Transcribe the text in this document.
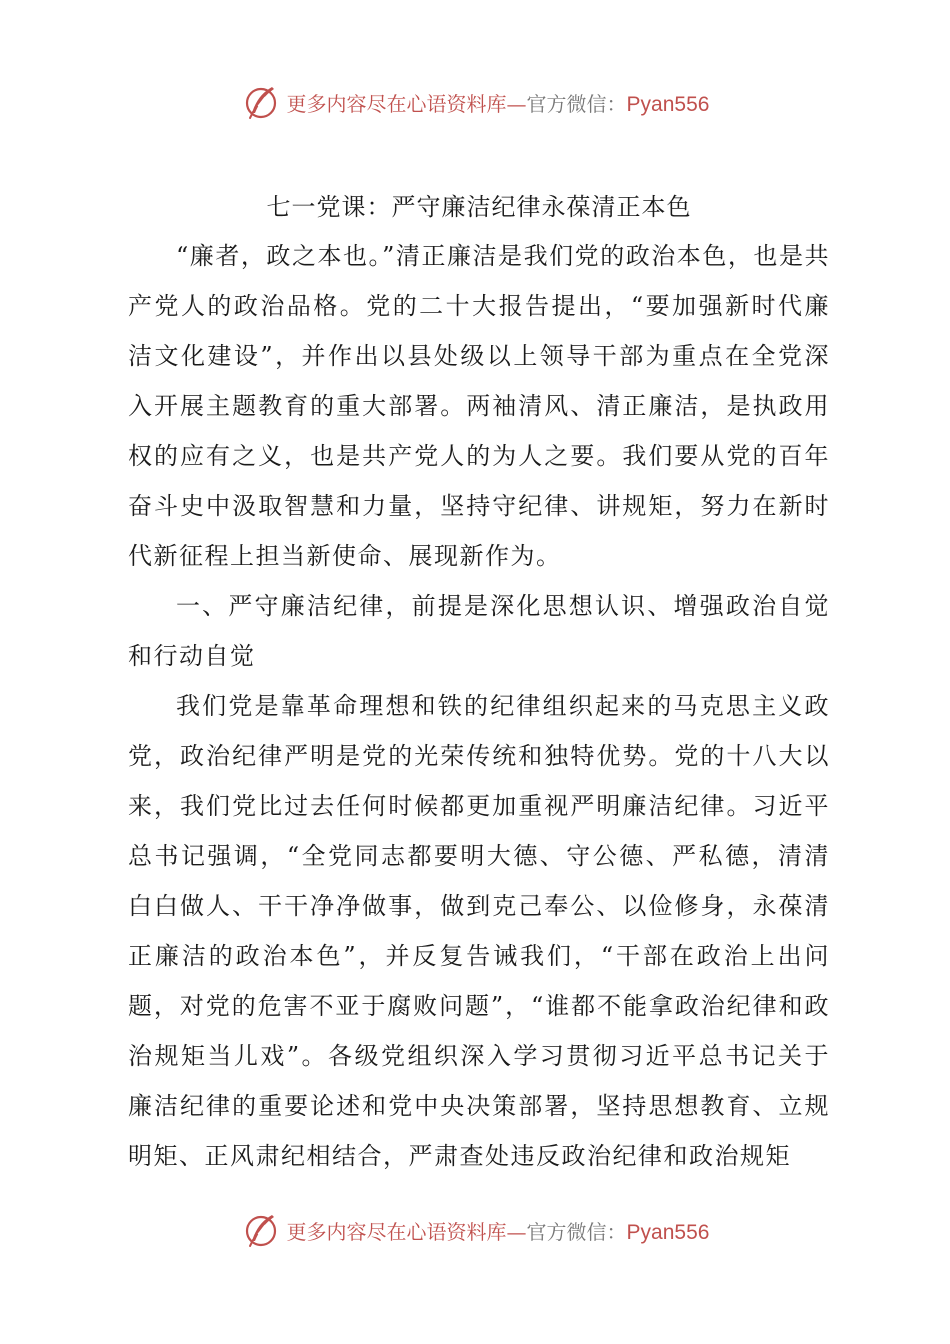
更多内容尽在心语资料库—官方微信：Pyan556
七一党课：严守廉洁纪律永葆清正本色

“廉者，政之本也。”清正廉洁是我们党的政治本色，也是共产党人的政治品格。党的二十大报告提出，“要加强新时代廉洁文化建设”，并作出以县处级以上领导干部为重点在全党深入开展主题教育的重大部署。两袖清风、清正廉洁，是执政用权的应有之义，也是共产党人的为人之要。我们要从党的百年奋斗史中汲取智慧和力量，坚持守纪律、讲规矩，努力在新时代新征程上担当新使命、展现新作为。

一、严守廉洁纪律，前提是深化思想认识、增强政治自觉和行动自觉

我们党是靠革命理想和铁的纪律组织起来的马克思主义政党，政治纪律严明是党的光荣传统和独特优势。党的十八大以来，我们党比过去任何时候都更加重视严明廉洁纪律。习近平总书记强调，“全党同志都要明大德、守公德、严私德，清清白白做人、干干净净做事，做到克己奉公、以俭修身，永葆清正廉洁的政治本色”，并反复告诫我们，“干部在政治上出问题，对党的危害不亚于腐败问题”，“谁都不能拿政治纪律和政治规矩当儿戏”。各级党组织深入学习贯彻习近平总书记关于廉洁纪律的重要论述和党中央决策部署，坚持思想教育、立规明矩、正风肃纪相结合，严肃查处违反政治纪律和政治规矩

更多内容尽在心语资料库—官方微信：Pyan556
